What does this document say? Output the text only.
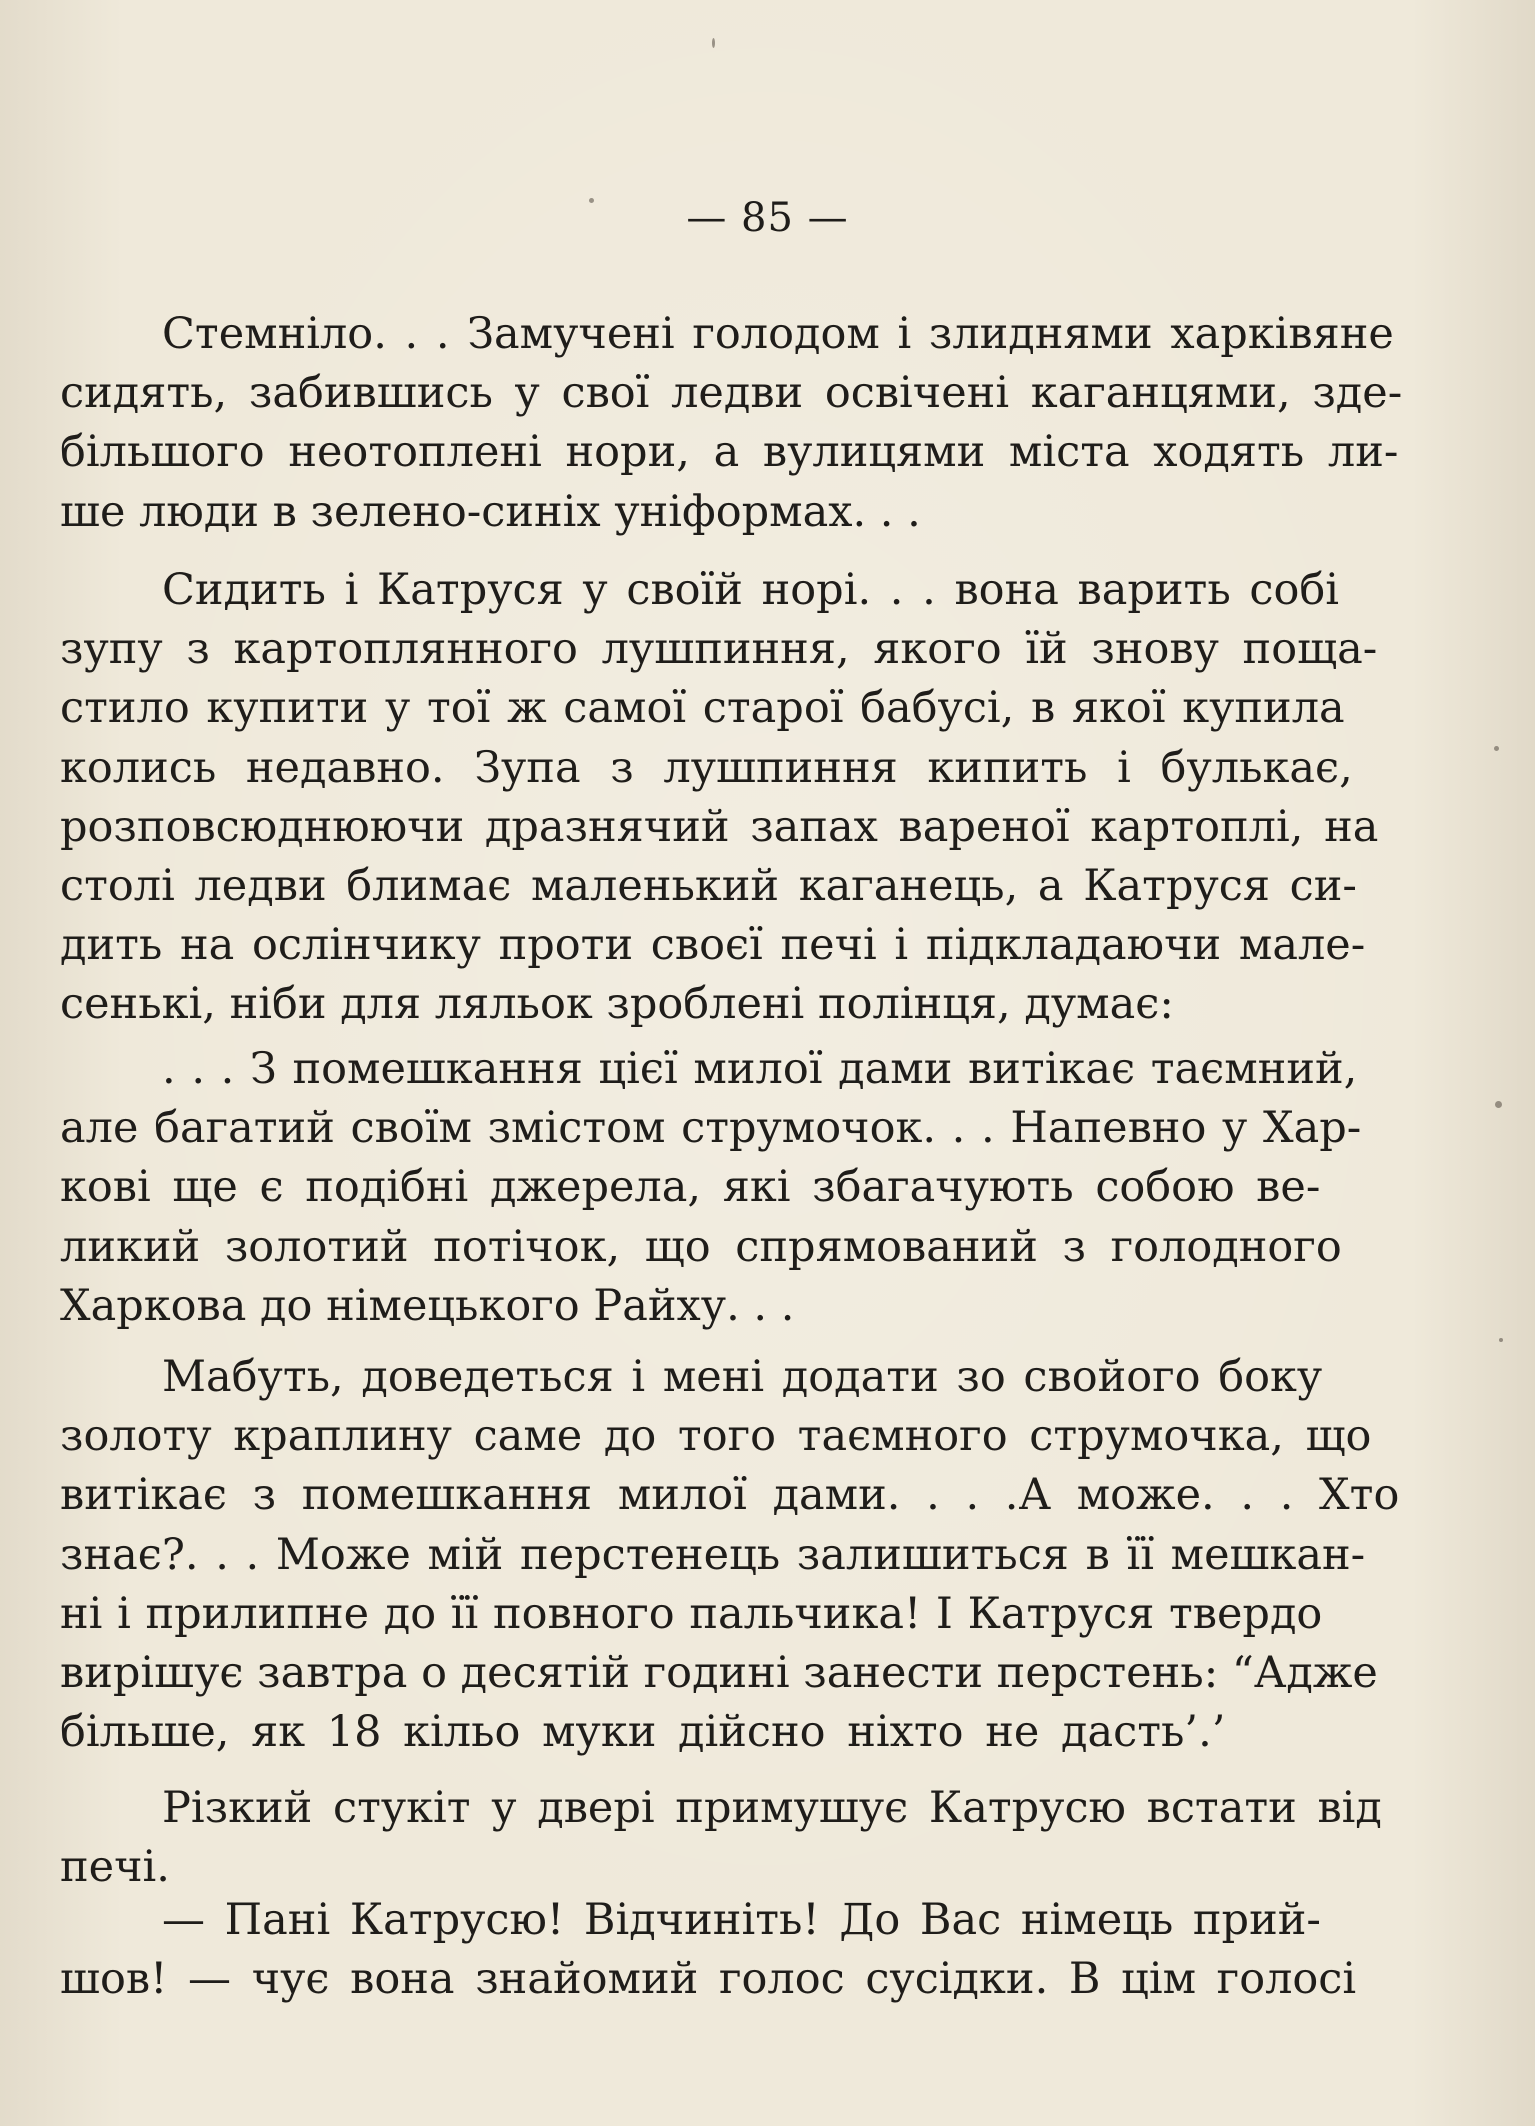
— 85 —
Стемніло. . . Замучені голодом і злиднями харківяне
сидять, забившись у свої ледви освічені каганцями, зде-
більшого неотоплені нори, а вулицями міста ходять ли-
ше люди в зелено-синіх уніформах. . .
Сидить і Катруся у своїй норі. . . вона варить собі
зупу з картоплянного лушпиння, якого їй знову поща-
стило купити у тої ж самої старої бабусі, в якої купила
колись недавно. Зупа з лушпиння кипить і булькає,
розповсюднюючи дразнячий запах вареної картоплі, на
столі ледви блимає маленький каганець, а Катруся си-
дить на ослінчику проти своєї печі і підкладаючи мале-
сенькі, ніби для ляльок зроблені полінця, думає:
. . . З помешкання цієї милої дами витікає таємний,
але багатий своїм змістом струмочок. . . Напевно у Хар-
кові ще є подібні джерела, які збагачують собою ве-
ликий золотий потічок, що спрямований з голодного
Харкова до німецького Райху. . .
Мабуть, доведеться і мені додати зо свойого боку
золоту краплину саме до того таємного струмочка, що
витікає з помешкання милої дами. . . .А може. . . Хто
знає?. . . Може мій перстенець залишиться в її мешкан-
ні і прилипне до її повного пальчика! І Катруся твердо
вирішує завтра о десятій годині занести перстень: “Адже
більше, як 18 кільо муки дійсно ніхто не дасть’.’
Різкий стукіт у двері примушує Катрусю встати від
печі.
— Пані Катрусю! Відчиніть! До Вас німець прий-
шов! — чує вона знайомий голос сусідки. В цім голосі
